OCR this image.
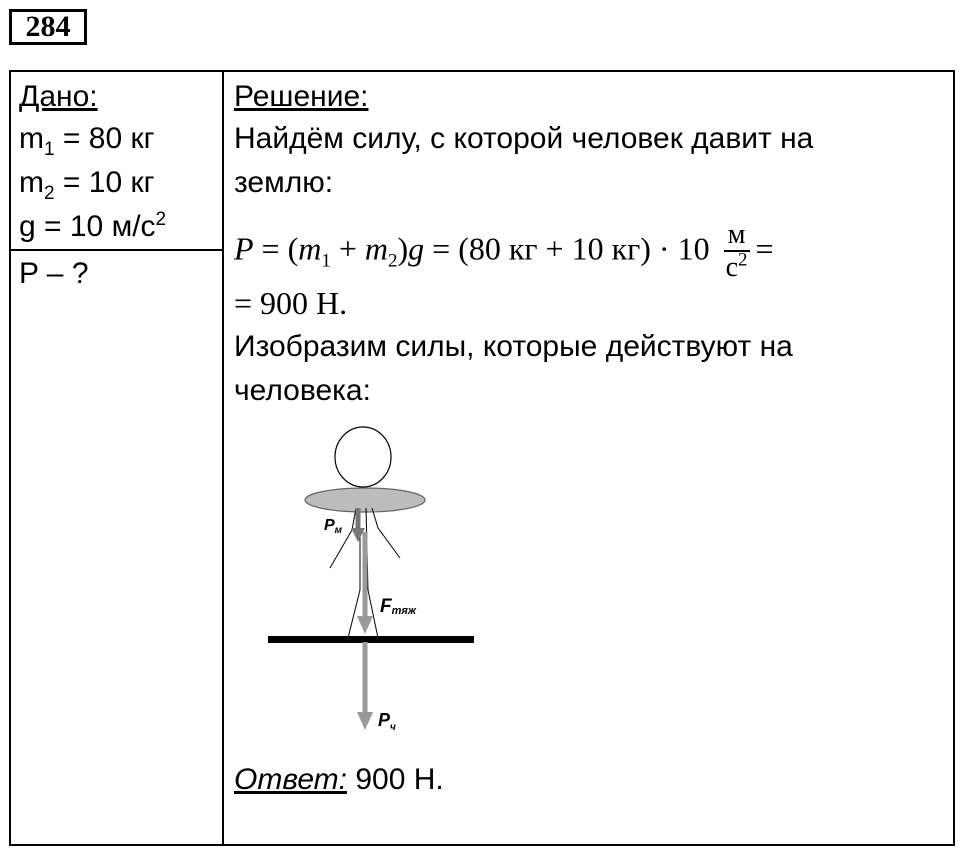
284
Дано:
$m_1 = 80$ кг
$m_2 = 10$ кг
g = 10 $м/с^2$
P – ?
Решение:
Найдём силу, с которой человек давит на
землю:
$P = (m_1 + m_2)g = (80$ кг + 10 $кг) \cdot 10 \frac{м}{с^2}$ =
= 900 Н.
Изобразим силы, которые действуют на
человека:
Pм
Fтяж
$P_ч$
Ответ: 900 Н.
